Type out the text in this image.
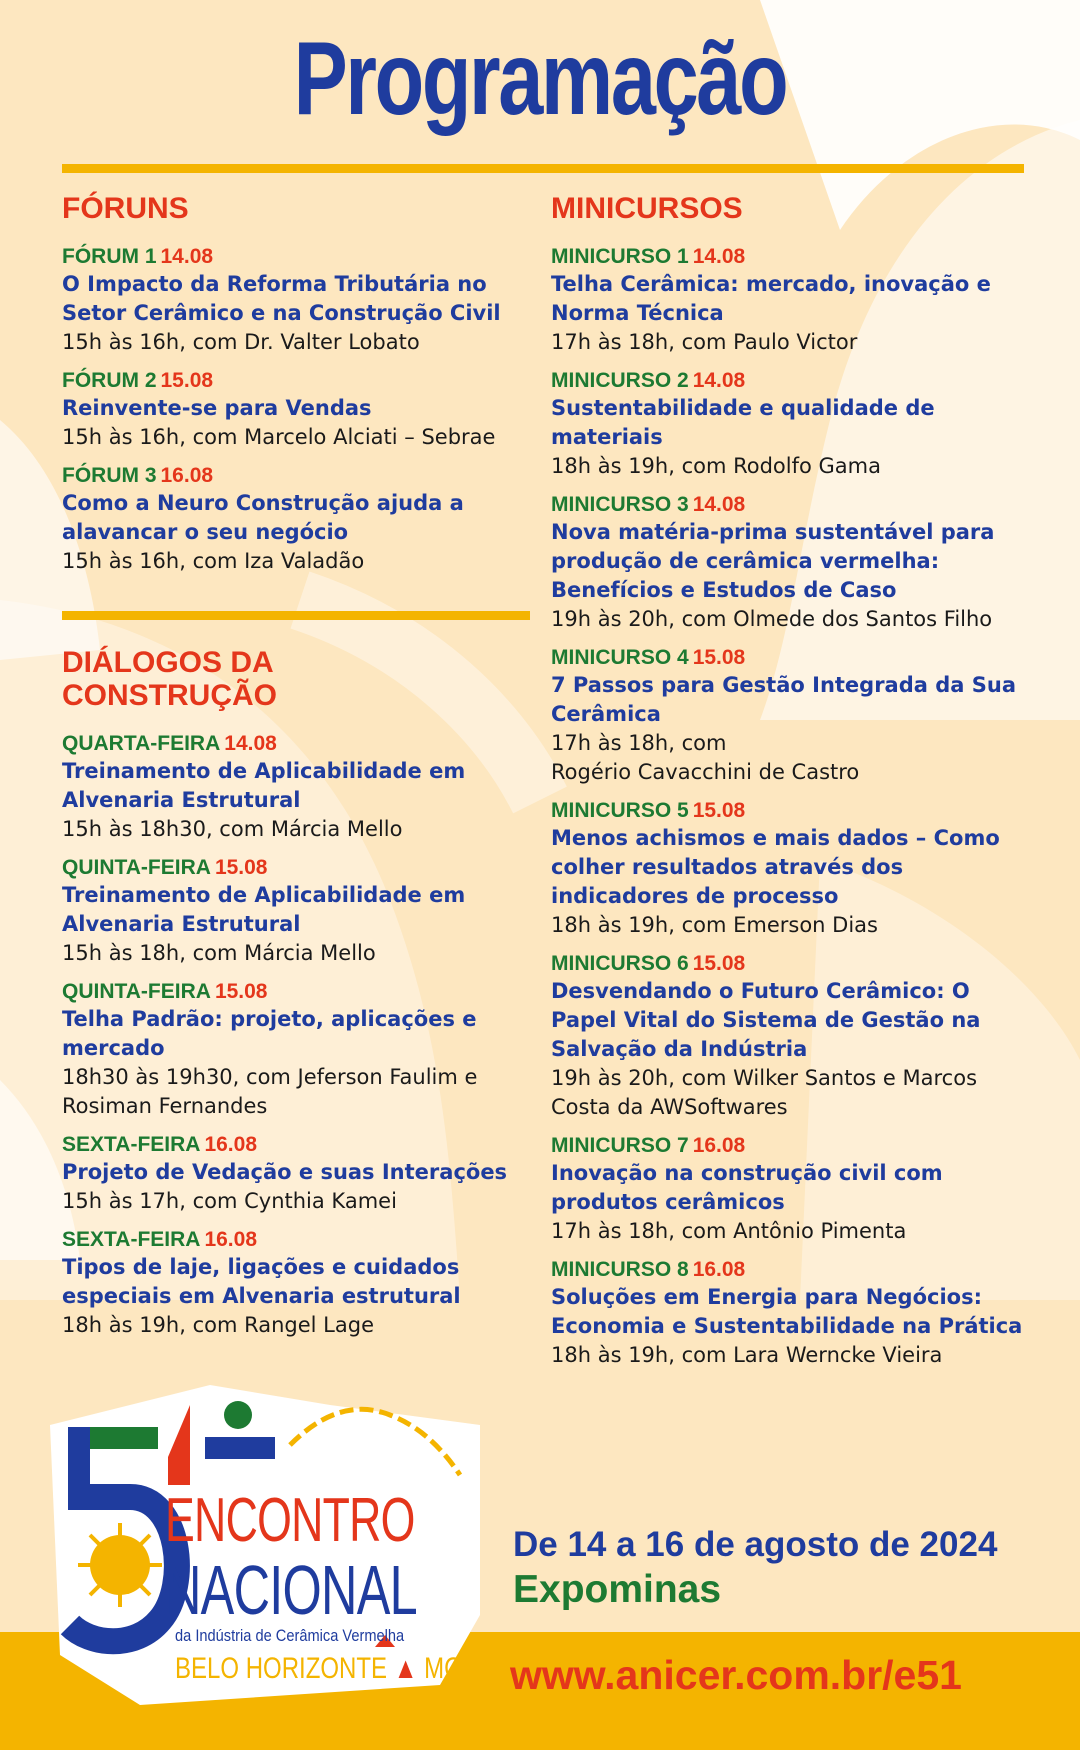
Programação
FÓRUNS
FÓRUM 1 14.08
O Impacto da Reforma Tributária no Setor Cerâmico e na Construção Civil
15h às 16h, com Dr. Valter Lobato
FÓRUM 2 15.08
Reinvente-se para Vendas
15h às 16h, com Marcelo Alciati – Sebrae
FÓRUM 3 16.08
Como a Neuro Construção ajuda a alavancar o seu negócio
15h às 16h, com Iza Valadão
DIÁLOGOS DA CONSTRUÇÃO
QUARTA-FEIRA 14.08
Treinamento de Aplicabilidade em Alvenaria Estrutural
15h às 18h30, com Márcia Mello
QUINTA-FEIRA 15.08
Treinamento de Aplicabilidade em Alvenaria Estrutural
15h às 18h, com Márcia Mello
QUINTA-FEIRA 15.08
Telha Padrão: projeto, aplicações e mercado
18h30 às 19h30, com Jeferson Faulim e Rosiman Fernandes
SEXTA-FEIRA 16.08
Projeto de Vedação e suas Interações
15h às 17h, com Cynthia Kamei
SEXTA-FEIRA 16.08
Tipos de laje, ligações e cuidados especiais em Alvenaria estrutural
18h às 19h, com Rangel Lage
MINICURSOS
MINICURSO 1 14.08
Telha Cerâmica: mercado, inovação e Norma Técnica
17h às 18h, com Paulo Victor
MINICURSO 2 14.08
Sustentabilidade e qualidade de materiais
18h às 19h, com Rodolfo Gama
MINICURSO 3 14.08
Nova matéria-prima sustentável para produção de cerâmica vermelha: Benefícios e Estudos de Caso
19h às 20h, com Olmede dos Santos Filho
MINICURSO 4 15.08
7 Passos para Gestão Integrada da Sua Cerâmica
17h às 18h, com
Rogério Cavacchini de Castro
MINICURSO 5 15.08
Menos achismos e mais dados – Como colher resultados através dos indicadores de processo
18h às 19h, com Emerson Dias
MINICURSO 6 15.08
Desvendando o Futuro Cerâmico: O Papel Vital do Sistema de Gestão na Salvação da Indústria
19h às 20h, com Wilker Santos e Marcos Costa da AWSoftwares
MINICURSO 7 16.08
Inovação na construção civil com produtos cerâmicos
17h às 18h, com Antônio Pimenta
MINICURSO 8 16.08
Soluções em Energia para Negócios: Economia e Sustentabilidade na Prática
18h às 19h, com Lara Werncke Vieira
ENCONTRO
NACIONAL
da Indústria de Cerâmica Vermelha
BELO HORIZONTE ▲ MG
De 14 a 16 de agosto de 2024
Expominas
www.anicer.com.br/e51
